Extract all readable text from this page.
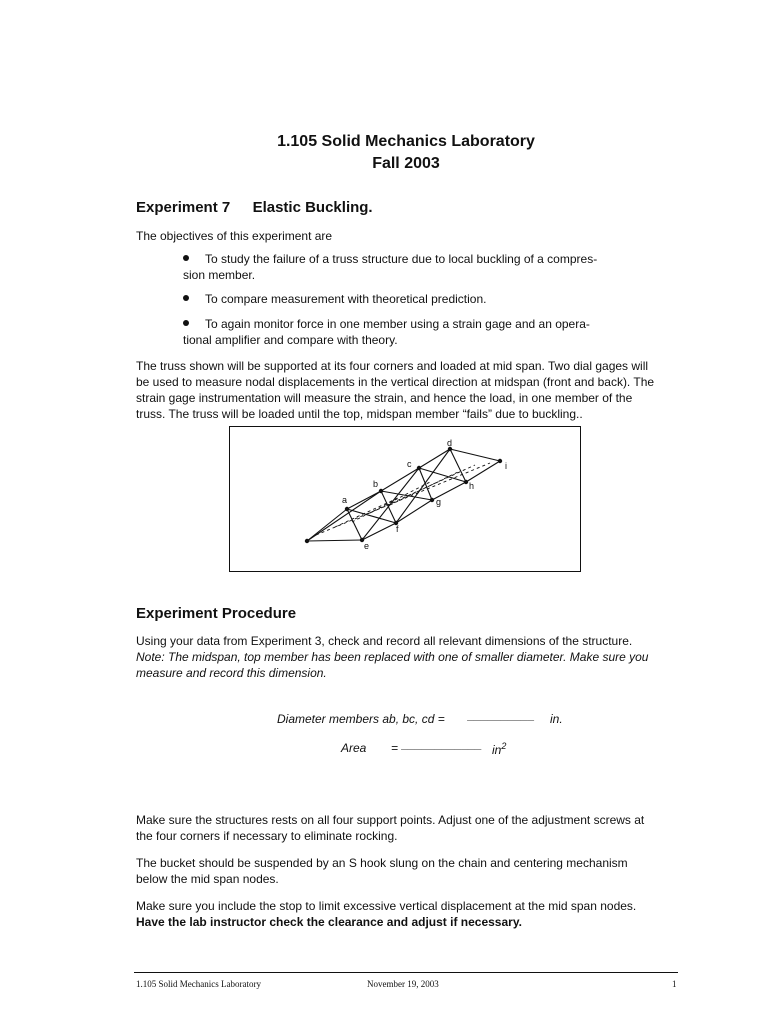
1.105 Solid Mechanics Laboratory
Fall 2003
Experiment 7 Elastic Buckling.
The objectives of this experiment are
To study the failure of a truss structure due to local buckling of a compres-
sion member.
To compare measurement with theoretical prediction.
To again monitor force in one member using a strain gage and an opera-
tional amplifier and compare with theory.
The truss shown will be supported at its four corners and loaded at mid span. Two dial gages will
be used to measure nodal displacements in the vertical direction at midspan (front and back). The
strain gage instrumentation will measure the strain, and hence the load, in one member of the
truss. The truss will be loaded until the top, midspan member “fails” due to buckling..
a
b
c
d
e
f
g
h
i
Experiment Procedure
Using your data from Experiment 3, check and record all relevant dimensions of the structure.
Note: The midspan, top member has been replaced with one of smaller diameter. Make sure you
measure and record this dimension.
Diameter members ab, bc, cd = __________ in.
Area = ____________ $in^2$
Make sure the structures rests on all four support points. Adjust one of the adjustment screws at
the four corners if necessary to eliminate rocking.
The bucket should be suspended by an S hook slung on the chain and centering mechanism
below the mid span nodes.
Make sure you include the stop to limit excessive vertical displacement at the mid span nodes.
Have the lab instructor check the clearance and adjust if necessary.
1.105 Solid Mechanics Laboratory	November 19, 2003	1
